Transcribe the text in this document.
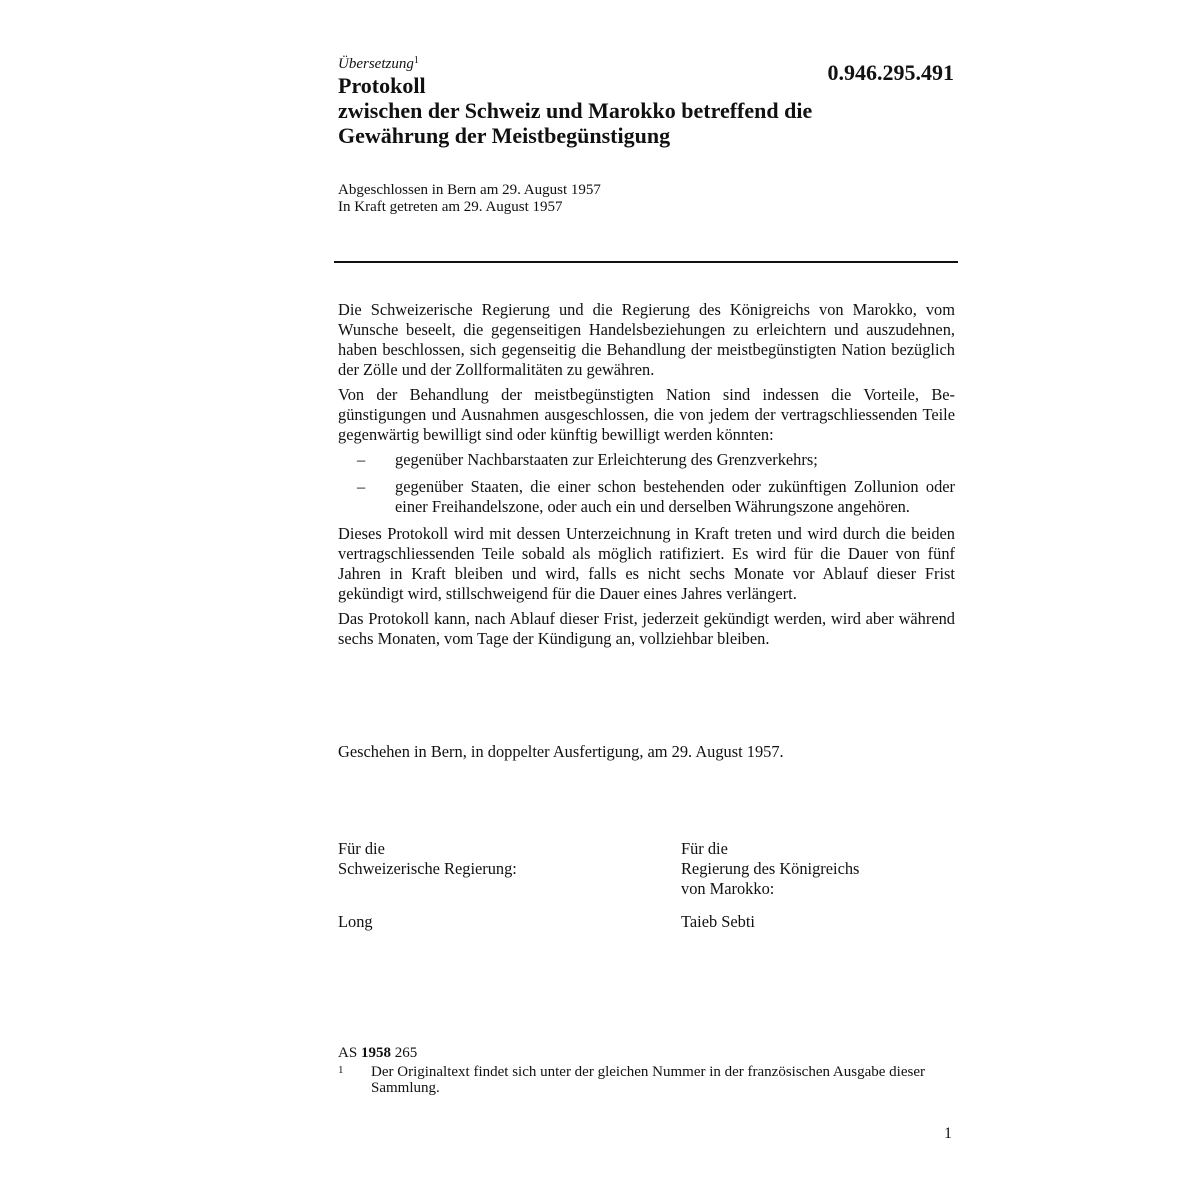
Übersetzung$^1$	0.946.295.491
Protokoll
zwischen der Schweiz und Marokko betreffend die
Gewährung der Meistbegünstigung
Abgeschlossen in Bern am 29. August 1957
In Kraft getreten am 29. August 1957

Die Schweizerische Regierung und die Regierung des Königreichs von Marokko, vom Wunsche beseelt, die gegenseitigen Handelsbeziehungen zu erleichtern und auszudehnen, haben beschlossen, sich gegenseitig die Behandlung der meistbegünstigten Nation bezüglich der Zölle und der Zollformalitäten zu gewähren.

Von der Behandlung der meistbegünstigten Nation sind indessen die Vorteile, Begünstigungen und Ausnahmen ausgeschlossen, die von jedem der vertragschliessenden Teile gegenwärtig bewilligt sind oder künftig bewilligt werden könnten:

– gegenüber Nachbarstaaten zur Erleichterung des Grenzverkehrs;
– gegenüber Staaten, die einer schon bestehenden oder zukünftigen Zollunion oder einer Freihandelszone, oder auch ein und derselben Währungszone angehören.

Dieses Protokoll wird mit dessen Unterzeichnung in Kraft treten und wird durch die beiden vertragschliessenden Teile sobald als möglich ratifiziert. Es wird für die Dauer von fünf Jahren in Kraft bleiben und wird, falls es nicht sechs Monate vor Ablauf dieser Frist gekündigt wird, stillschweigend für die Dauer eines Jahres verlängert.

Das Protokoll kann, nach Ablauf dieser Frist, jederzeit gekündigt werden, wird aber während sechs Monaten, vom Tage der Kündigung an, vollziehbar bleiben.

Geschehen in Bern, in doppelter Ausfertigung, am 29. August 1957.
Für die
Schweizerische Regierung:
Für die
Regierung des Königreichs
von Marokko:
Long	Taieb Sebti
AS 1958 265
1	Der Originaltext findet sich unter der gleichen Nummer in der französischen Ausgabe dieser Sammlung.
1
